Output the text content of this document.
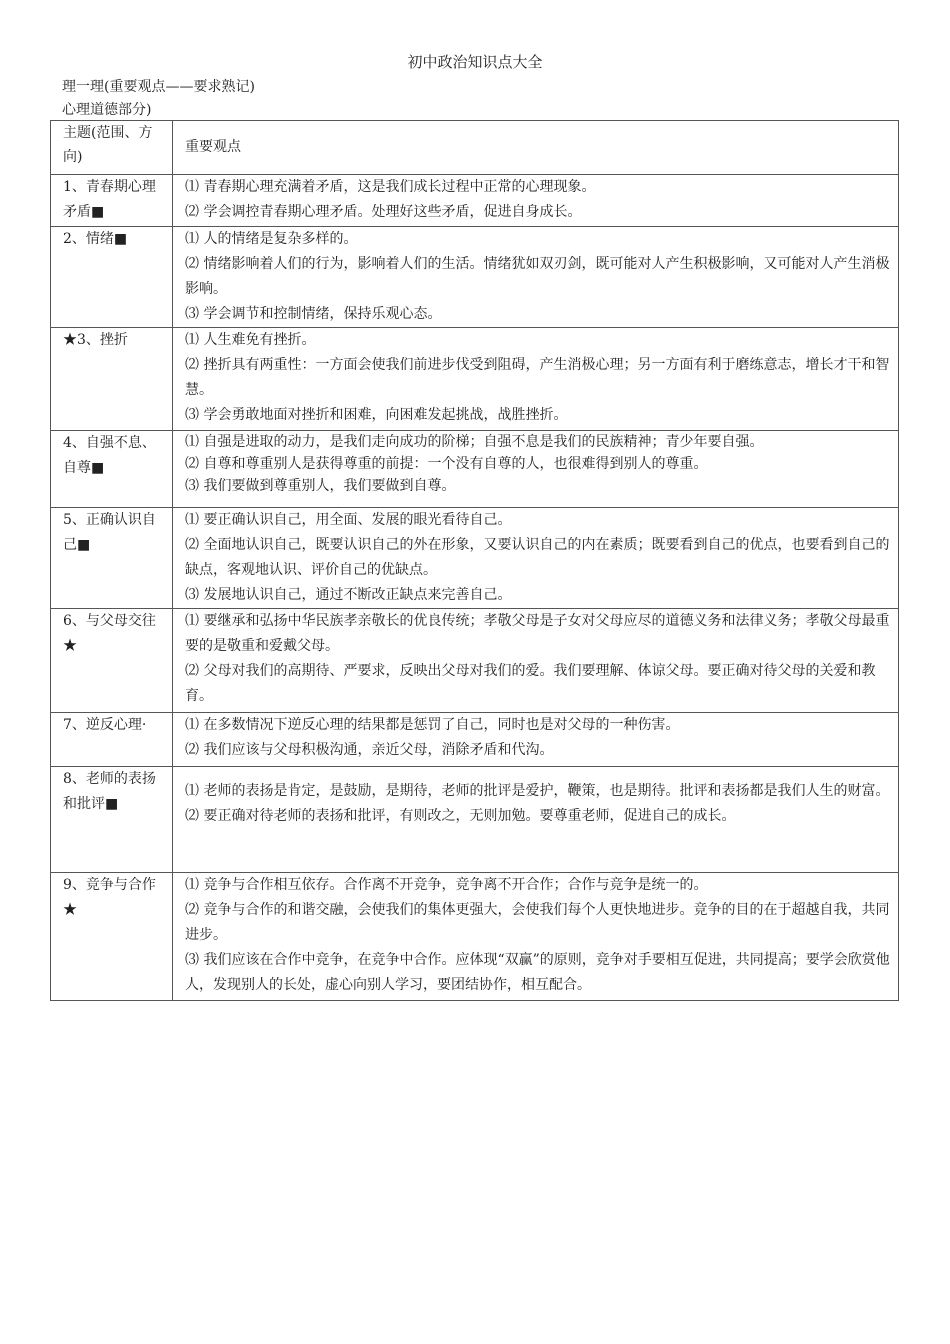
初中政治知识点大全
理一理(重要观点——要求熟记)
心理道德部分)
主题(范围、方向)	重要观点
1、青春期心理矛盾■	⑴ 青春期心理充满着矛盾，这是我们成长过程中正常的心理现象。
⑵ 学会调控青春期心理矛盾。处理好这些矛盾，促进自身成长。

2、情绪■	⑴ 人的情绪是复杂多样的。
⑵ 情绪影响着人们的行为，影响着人们的生活。情绪犹如双刃剑，既可能对人产生积极影响，又可能对人产生消极影响。
⑶ 学会调节和控制情绪，保持乐观心态。

★3、挫折	⑴ 人生难免有挫折。
⑵ 挫折具有两重性：一方面会使我们前进步伐受到阻碍，产生消极心理；另一方面有利于磨练意志，增长才干和智慧。
⑶ 学会勇敢地面对挫折和困难，向困难发起挑战，战胜挫折。

4、自强不息、自尊■	⑴ 自强是进取的动力，是我们走向成功的阶梯；自强不息是我们的民族精神；青少年要自强。
⑵ 自尊和尊重别人是获得尊重的前提：一个没有自尊的人，也很难得到别人的尊重。
⑶ 我们要做到尊重别人，我们要做到自尊。

5、正确认识自己■	⑴ 要正确认识自己，用全面、发展的眼光看待自己。
⑵ 全面地认识自己，既要认识自己的外在形象，又要认识自己的内在素质；既要看到自己的优点，也要看到自己的缺点，客观地认识、评价自己的优缺点。
⑶ 发展地认识自己，通过不断改正缺点来完善自己。

6、与父母交往★	⑴ 要继承和弘扬中华民族孝亲敬长的优良传统；孝敬父母是子女对父母应尽的道德义务和法律义务；孝敬父母最重要的是敬重和爱戴父母。
⑵ 父母对我们的高期待、严要求，反映出父母对我们的爱。我们要理解、体谅父母。要正确对待父母的关爱和教育。

7、逆反心理·	⑴ 在多数情况下逆反心理的结果都是惩罚了自己，同时也是对父母的一种伤害。
⑵ 我们应该与父母积极沟通，亲近父母，消除矛盾和代沟。

8、老师的表扬和批评■	⑴ 老师的表扬是肯定，是鼓励，是期待，老师的批评是爱护，鞭策，也是期待。批评和表扬都是我们人生的财富。
⑵ 要正确对待老师的表扬和批评，有则改之，无则加勉。要尊重老师，促进自己的成长。

9、竞争与合作★	⑴ 竞争与合作相互依存。合作离不开竞争，竞争离不开合作；合作与竞争是统一的。
⑵ 竞争与合作的和谐交融，会使我们的集体更强大，会使我们每个人更快地进步。竞争的目的在于超越自我，共同进步。
⑶ 我们应该在合作中竞争，在竞争中合作。应体现“双赢”的原则，竞争对手要相互促进，共同提高；要学会欣赏他人，发现别人的长处，虚心向别人学习，要团结协作，相互配合。
